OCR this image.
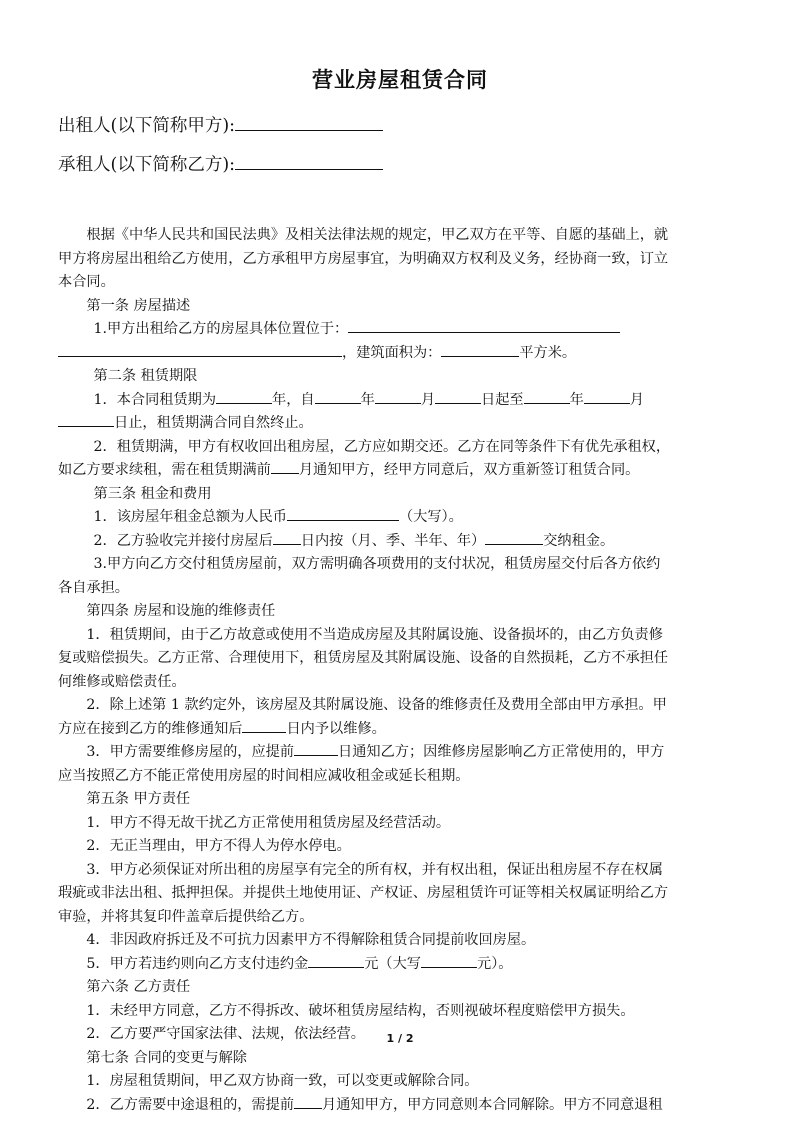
营业房屋租赁合同
出租人(以下简称甲方):
承租人(以下简称乙方):

根据《中华人民共和国民法典》及相关法律法规的规定，甲乙双方在平等、自愿的基础上，就

甲方将房屋出租给乙方使用，乙方承租甲方房屋事宜，为明确双方权利及义务，经协商一致，订立

本合同。

第一条 房屋描述

1.甲方出租给乙方的房屋具体位置位于：

，建筑面积为：	平方米。

第二条 租赁期限

1．本合同租赁期为	年，自	年	月	日起至	年	月

日止，租赁期满合同自然终止。

2．租赁期满，甲方有权收回出租房屋，乙方应如期交还。乙方在同等条件下有优先承租权，

如乙方要求续租，需在租赁期满前 月通知甲方，经甲方同意后，双方重新签订租赁合同。

第三条 租金和费用

1．该房屋年租金总额为人民币	（大写）。

2．乙方验收完并接付房屋后 日内按（月、季、半年、年）	交纳租金。

3.甲方向乙方交付租赁房屋前，双方需明确各项费用的支付状况，租赁房屋交付后各方依约

各自承担。

第四条 房屋和设施的维修责任

1．租赁期间，由于乙方故意或使用不当造成房屋及其附属设施、设备损坏的，由乙方负责修

复或赔偿损失。乙方正常、合理使用下，租赁房屋及其附属设施、设备的自然损耗，乙方不承担任

何维修或赔偿责任。

2．除上述第 1 款约定外，该房屋及其附属设施、设备的维修责任及费用全部由甲方承担。甲

方应在接到乙方的维修通知后	日内予以维修。

3．甲方需要维修房屋的，应提前	日通知乙方；因维修房屋影响乙方正常使用的，甲方

应当按照乙方不能正常使用房屋的时间相应减收租金或延长租期。

第五条 甲方责任

1．甲方不得无故干扰乙方正常使用租赁房屋及经营活动。

2．无正当理由，甲方不得人为停水停电。

3．甲方必须保证对所出租的房屋享有完全的所有权，并有权出租，保证出租房屋不存在权属

瑕疵或非法出租、抵押担保。并提供土地使用证、产权证、房屋租赁许可证等相关权属证明给乙方

审验，并将其复印件盖章后提供给乙方。

4．非因政府拆迁及不可抗力因素甲方不得解除租赁合同提前收回房屋。

5．甲方若违约则向乙方支付违约金	元（大写	元）。

第六条 乙方责任

1．未经甲方同意，乙方不得拆改、破坏租赁房屋结构，否则视破坏程度赔偿甲方损失。

2．乙方要严守国家法律、法规，依法经营。

第七条 合同的变更与解除

1．房屋租赁期间，甲乙双方协商一致，可以变更或解除合同。

2．乙方需要中途退租的，需提前 月通知甲方，甲方同意则本合同解除。甲方不同意退租

1 / 2
